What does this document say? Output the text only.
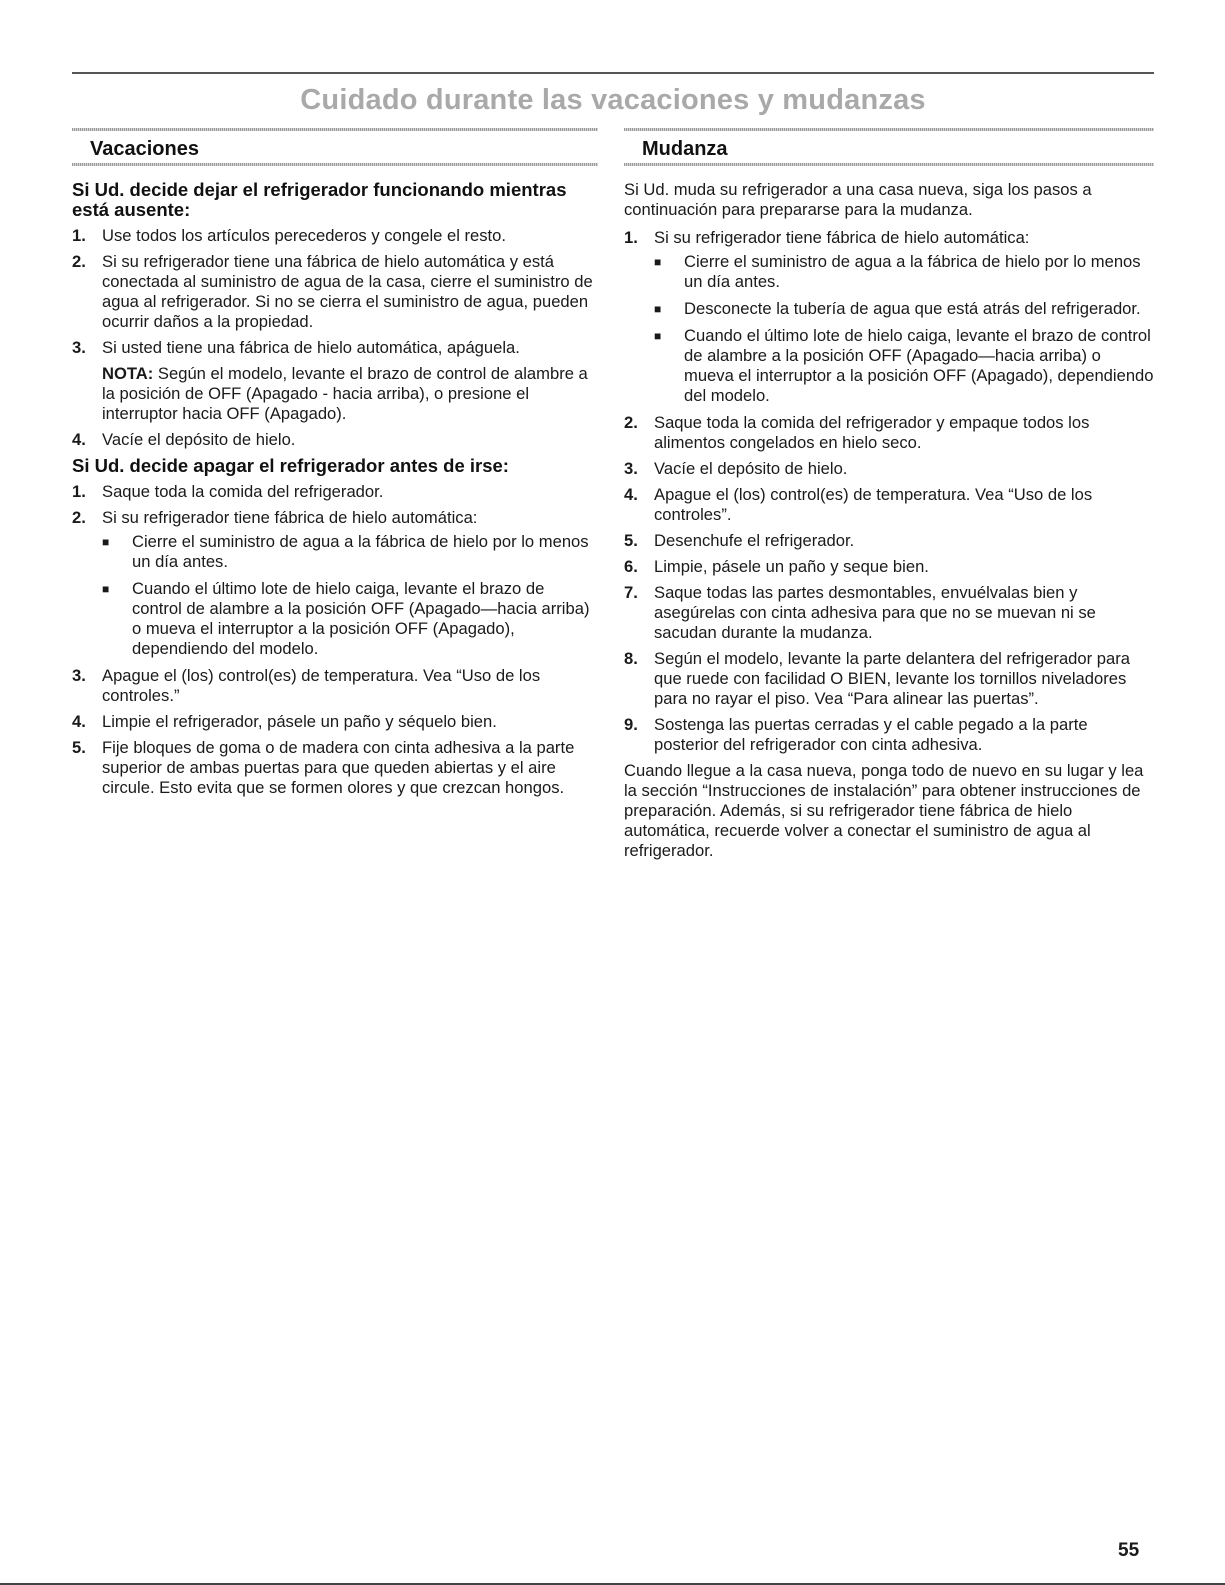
Cuidado durante las vacaciones y mudanzas
Vacaciones
Si Ud. decide dejar el refrigerador funcionando mientras está ausente:
1. Use todos los artículos perecederos y congele el resto.
2. Si su refrigerador tiene una fábrica de hielo automática y está conectada al suministro de agua de la casa, cierre el suministro de agua al refrigerador. Si no se cierra el suministro de agua, pueden ocurrir daños a la propiedad.
3. Si usted tiene una fábrica de hielo automática, apáguela.
NOTA: Según el modelo, levante el brazo de control de alambre a la posición de OFF (Apagado - hacia arriba), o presione el interruptor hacia OFF (Apagado).
4. Vacíe el depósito de hielo.
Si Ud. decide apagar el refrigerador antes de irse:
1. Saque toda la comida del refrigerador.
2. Si su refrigerador tiene fábrica de hielo automática:
■ Cierre el suministro de agua a la fábrica de hielo por lo menos un día antes.
■ Cuando el último lote de hielo caiga, levante el brazo de control de alambre a la posición OFF (Apagado—hacia arriba) o mueva el interruptor a la posición OFF (Apagado), dependiendo del modelo.
3. Apague el (los) control(es) de temperatura. Vea “Uso de los controles.”
4. Limpie el refrigerador, pásele un paño y séquelo bien.
5. Fije bloques de goma o de madera con cinta adhesiva a la parte superior de ambas puertas para que queden abiertas y el aire circule. Esto evita que se formen olores y que crezcan hongos.
Mudanza

Si Ud. muda su refrigerador a una casa nueva, siga los pasos a continuación para prepararse para la mudanza.

1. Si su refrigerador tiene fábrica de hielo automática:
■ Cierre el suministro de agua a la fábrica de hielo por lo menos un día antes.
■ Desconecte la tubería de agua que está atrás del refrigerador.
■ Cuando el último lote de hielo caiga, levante el brazo de control de alambre a la posición OFF (Apagado—hacia arriba) o mueva el interruptor a la posición OFF (Apagado), dependiendo del modelo.
2. Saque toda la comida del refrigerador y empaque todos los alimentos congelados en hielo seco.
3. Vacíe el depósito de hielo.
4. Apague el (los) control(es) de temperatura. Vea “Uso de los controles”.
5. Desenchufe el refrigerador.
6. Limpie, pásele un paño y seque bien.
7. Saque todas las partes desmontables, envuélvalas bien y asegúrelas con cinta adhesiva para que no se muevan ni se sacudan durante la mudanza.
8. Según el modelo, levante la parte delantera del refrigerador para que ruede con facilidad O BIEN, levante los tornillos niveladores para no rayar el piso. Vea “Para alinear las puertas”.
9. Sostenga las puertas cerradas y el cable pegado a la parte posterior del refrigerador con cinta adhesiva.

Cuando llegue a la casa nueva, ponga todo de nuevo en su lugar y lea la sección “Instrucciones de instalación” para obtener instrucciones de preparación. Además, si su refrigerador tiene fábrica de hielo automática, recuerde volver a conectar el suministro de agua al refrigerador.

55
